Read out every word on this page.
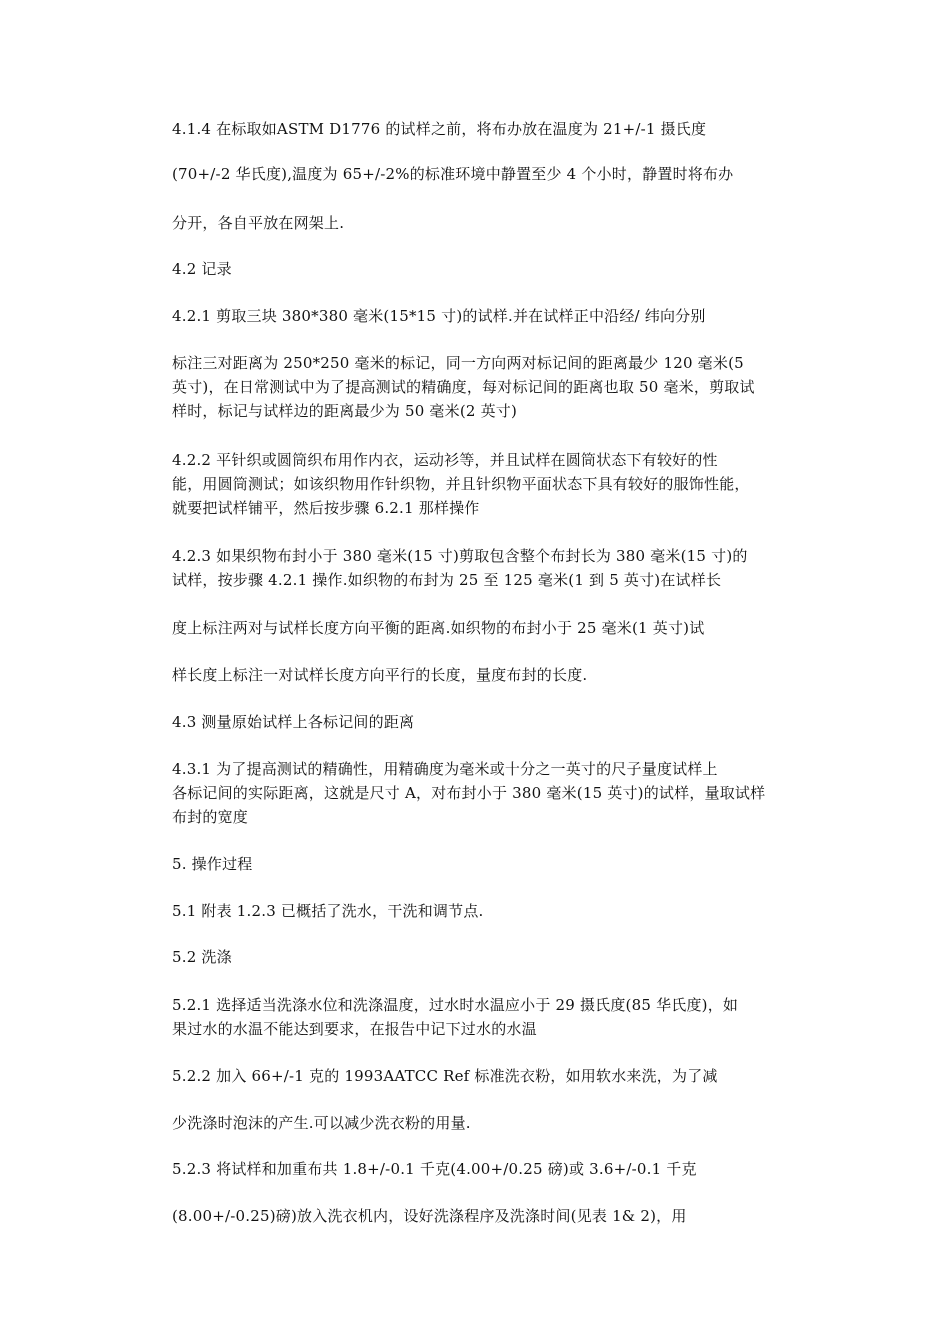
4.1.4 在标取如ASTM D1776 的试样之前，将布办放在温度为 21+/-1 摄氏度
(70+/-2 华氏度),温度为 65+/-2%的标准环境中静置至少 4 个小时，静置时将布办
分开，各自平放在网架上.
4.2 记录
4.2.1 剪取三块 380*380 毫米(15*15 寸)的试样.并在试样正中沿经/ 纬向分别
标注三对距离为 250*250 毫米的标记，同一方向两对标记间的距离最少 120 毫米(5
英寸)，在日常测试中为了提高测试的精确度，每对标记间的距离也取 50 毫米，剪取试
样时，标记与试样边的距离最少为 50 毫米(2 英寸)
4.2.2 平针织或圆筒织布用作内衣，运动衫等，并且试样在圆筒状态下有较好的性
能，用圆筒测试；如该织物用作针织物，并且针织物平面状态下具有较好的服饰性能，
就要把试样铺平，然后按步骤 6.2.1 那样操作
4.2.3 如果织物布封小于 380 毫米(15 寸)剪取包含整个布封长为 380 毫米(15 寸)的
试样，按步骤 4.2.1 操作.如织物的布封为 25 至 125 毫米(1 到 5 英寸)在试样长
度上标注两对与试样长度方向平衡的距离.如织物的布封小于 25 毫米(1 英寸)试
样长度上标注一对试样长度方向平行的长度，量度布封的长度.
4.3 测量原始试样上各标记间的距离
4.3.1 为了提高测试的精确性，用精确度为毫米或十分之一英寸的尺子量度试样上
各标记间的实际距离，这就是尺寸 A，对布封小于 380 毫米(15 英寸)的试样，量取试样
布封的宽度
5. 操作过程
5.1 附表 1.2.3 已概括了洗水，干洗和调节点.
5.2 洗涤
5.2.1 选择适当洗涤水位和洗涤温度，过水时水温应小于 29 摄氏度(85 华氏度)，如
果过水的水温不能达到要求，在报告中记下过水的水温
5.2.2 加入 66+/-1 克的 1993AATCC Ref 标准洗衣粉，如用软水来洗，为了减
少洗涤时泡沫的产生.可以减少洗衣粉的用量.
5.2.3 将试样和加重布共 1.8+/-0.1 千克(4.00+/0.25 磅)或 3.6+/-0.1 千克
(8.00+/-0.25)磅)放入洗衣机内，设好洗涤程序及洗涤时间(见表 1& 2)，用
